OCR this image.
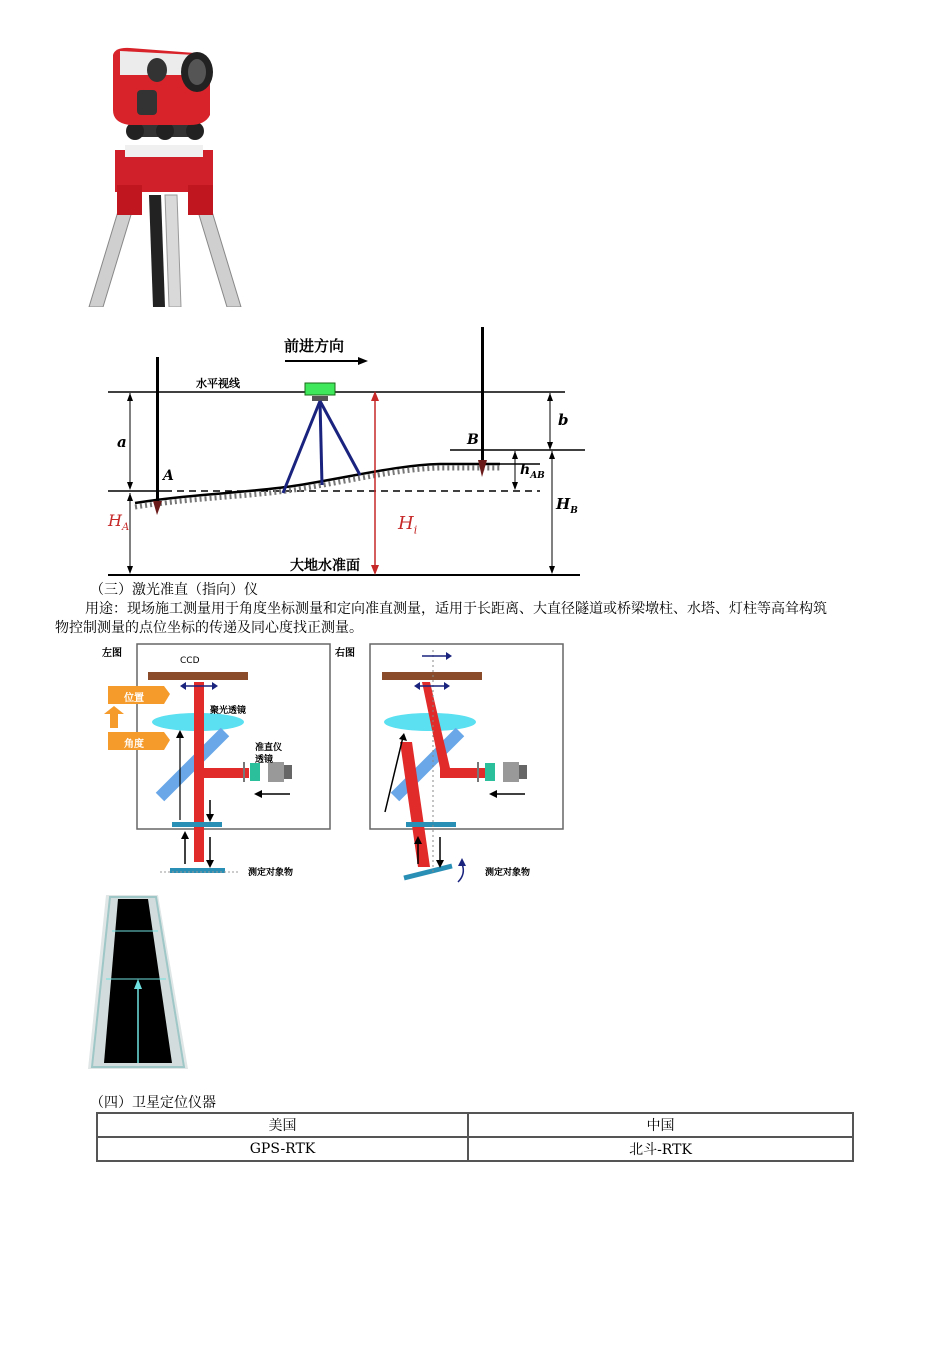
前进方向
水平视线
a
A
B
b
$H_A$	$H_i$
$h_{AB}$
$H_B$
大地水准面
（三）激光准直（指向）仪
用途：现场施工测量用于角度坐标测量和定向准直测量，适用于长距离、大直径隧道或桥梁墩柱、水塔、灯柱等高耸构筑
物控制测量的点位坐标的传递及同心度找正测量。
左图	右图
CCD
聚光透镜
准直仪
透镜
位置
角度
测定对象物	测定对象物
（四）卫星定位仪器
美国	中国
GPS-RTK	北斗-RTK
